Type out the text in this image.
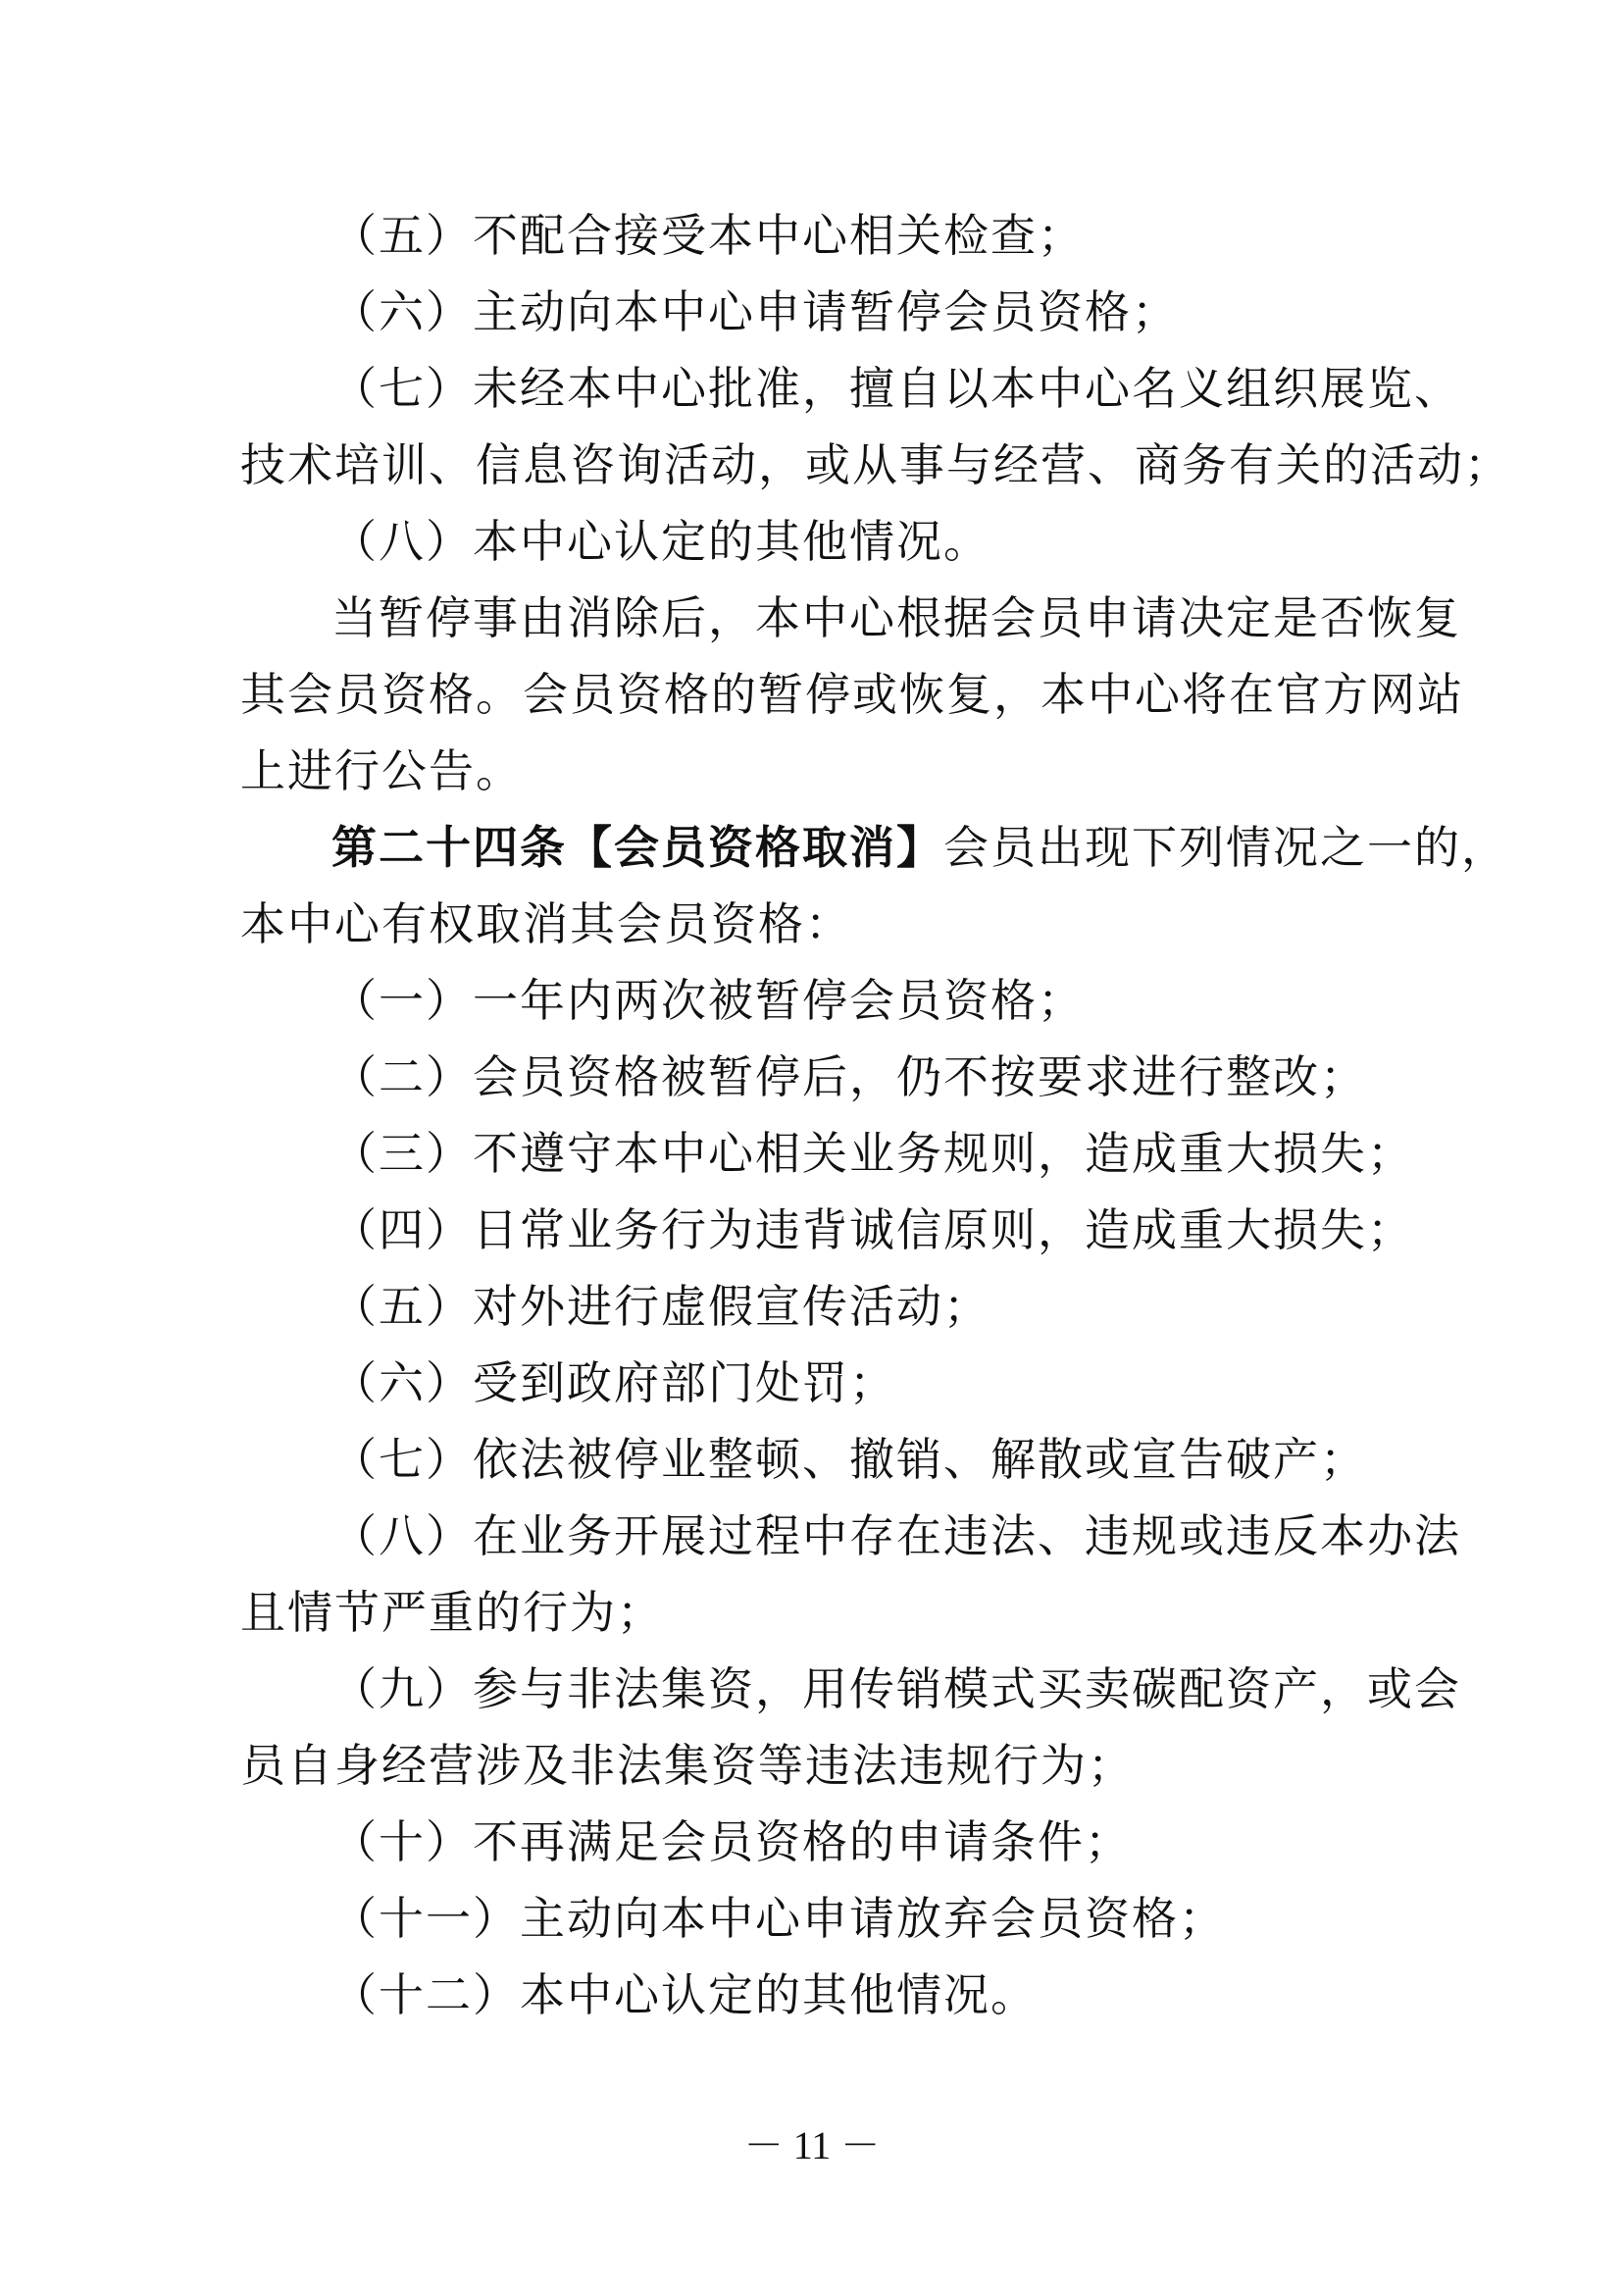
（五）不配合接受本中心相关检查；
（六）主动向本中心申请暂停会员资格；
（七）未经本中心批准，擅自以本中心名义组织展览、
技术培训、信息咨询活动，或从事与经营、商务有关的活动；
（八）本中心认定的其他情况。
当暂停事由消除后，本中心根据会员申请决定是否恢复
其会员资格。会员资格的暂停或恢复，本中心将在官方网站
上进行公告。
第二十四条【会员资格取消】会员出现下列情况之一的，
本中心有权取消其会员资格：
（一）一年内两次被暂停会员资格；
（二）会员资格被暂停后，仍不按要求进行整改；
（三）不遵守本中心相关业务规则，造成重大损失；
（四）日常业务行为违背诚信原则，造成重大损失；
（五）对外进行虚假宣传活动；
（六）受到政府部门处罚；
（七）依法被停业整顿、撤销、解散或宣告破产；
（八）在业务开展过程中存在违法、违规或违反本办法
且情节严重的行为；
（九）参与非法集资，用传销模式买卖碳配资产，或会
员自身经营涉及非法集资等违法违规行为；
（十）不再满足会员资格的申请条件；
（十一）主动向本中心申请放弃会员资格；
（十二）本中心认定的其他情况。
－ 11 －
